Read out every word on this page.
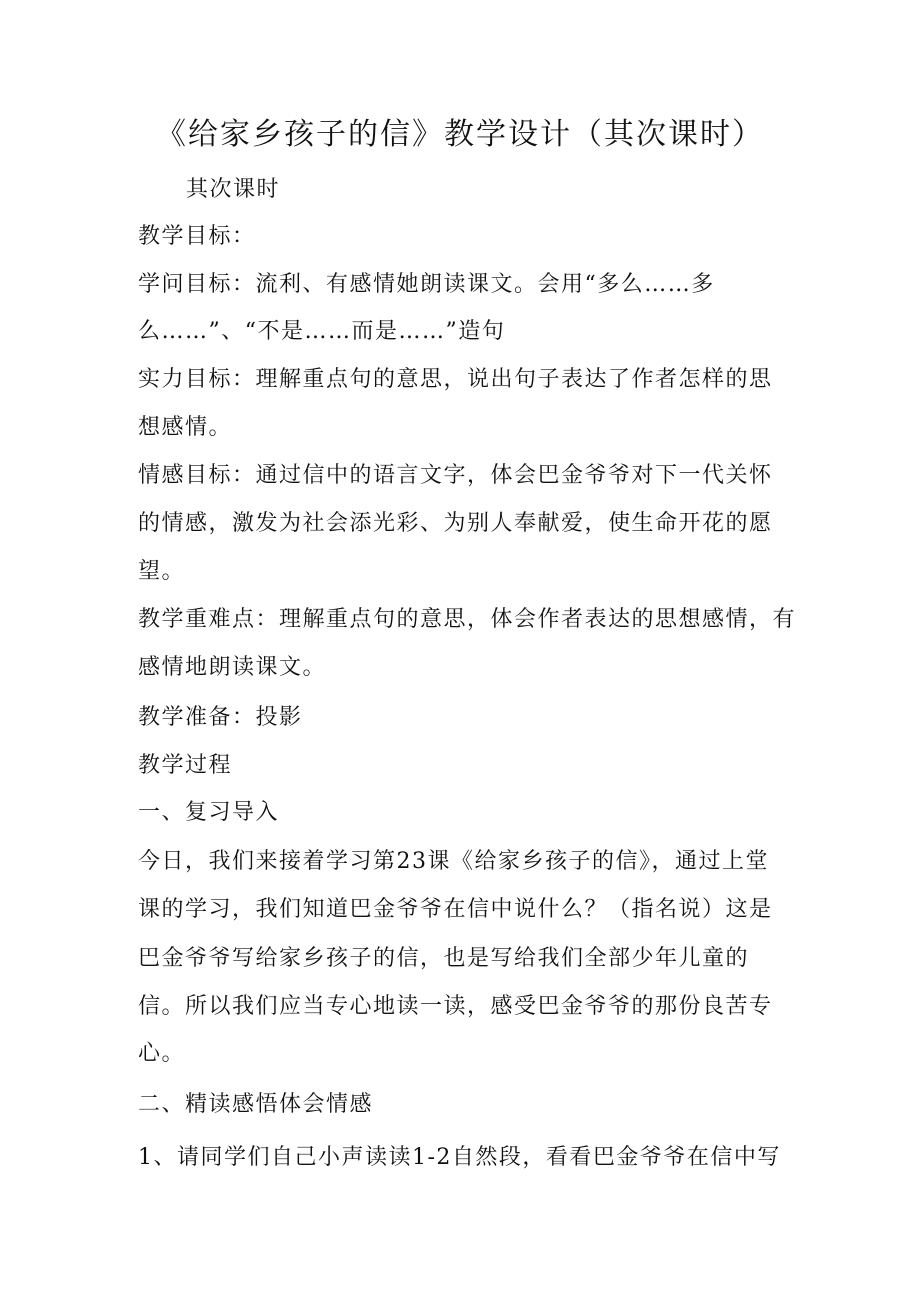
《给家乡孩子的信》教学设计（其次课时）
其次课时
教学目标：
学问目标：流利、有感情她朗读课文。会用“多么……多
么……”、“不是……而是……”造句
实力目标：理解重点句的意思，说出句子表达了作者怎样的思
想感情。
情感目标：通过信中的语言文字，体会巴金爷爷对下一代关怀
的情感，激发为社会添光彩、为别人奉献爱，使生命开花的愿
望。
教学重难点：理解重点句的意思，体会作者表达的思想感情，有
感情地朗读课文。
教学准备：投影
教学过程
一、复习导入
今日，我们来接着学习第23课《给家乡孩子的信》，通过上堂
课的学习，我们知道巴金爷爷在信中说什么？（指名说）这是
巴金爷爷写给家乡孩子的信，也是写给我们全部少年儿童的
信。所以我们应当专心地读一读，感受巴金爷爷的那份良苦专
心。
二、精读感悟体会情感
1、请同学们自己小声读读1-2自然段，看看巴金爷爷在信中写
